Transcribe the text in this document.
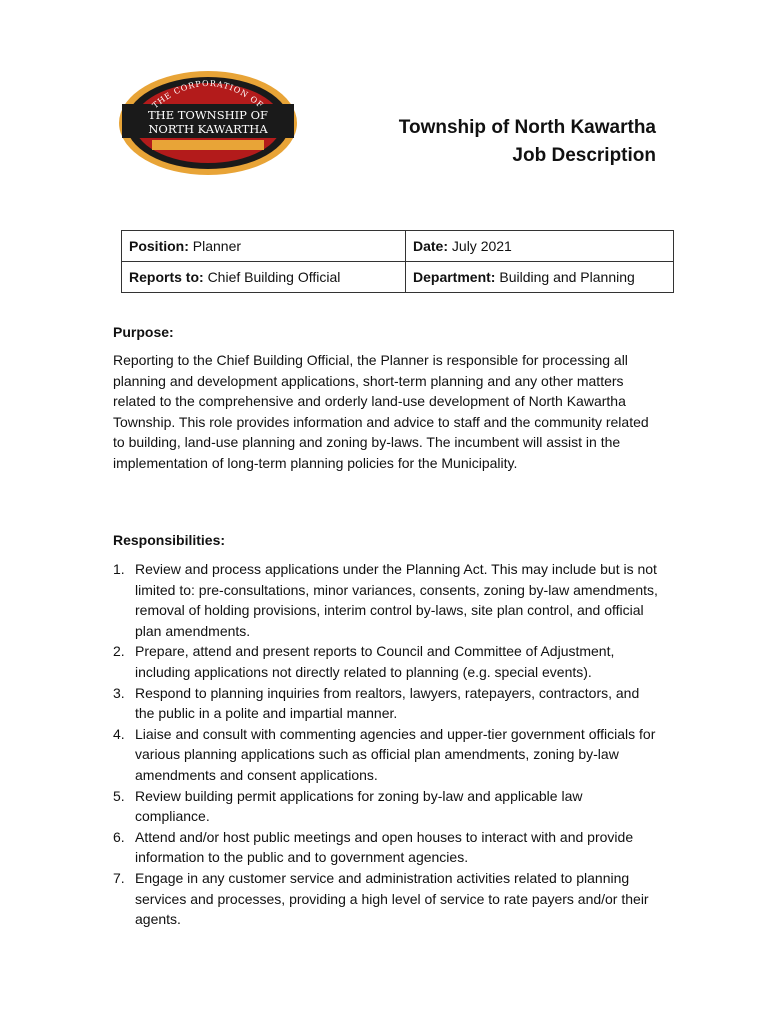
THE CORPORATION OF
THE TOWNSHIP OF
NORTH KAWARTHA	Township of North Kawartha
Job Description
Position: Planner	Date: July 2021
Reports to: Chief Building Official	Department: Building and Planning
Purpose:
Reporting to the Chief Building Official, the Planner is responsible for processing all planning and development applications, short-term planning and any other matters related to the comprehensive and orderly land-use development of North Kawartha Township. This role provides information and advice to staff and the community related to building, land-use planning and zoning by-laws. The incumbent will assist in the implementation of long-term planning policies for the Municipality.
Responsibilities:
1. Review and process applications under the Planning Act. This may include but is not limited to: pre-consultations, minor variances, consents, zoning by-law amendments, removal of holding provisions, interim control by-laws, site plan control, and official plan amendments.
2. Prepare, attend and present reports to Council and Committee of Adjustment, including applications not directly related to planning (e.g. special events).
3. Respond to planning inquiries from realtors, lawyers, ratepayers, contractors, and the public in a polite and impartial manner.
4. Liaise and consult with commenting agencies and upper-tier government officials for various planning applications such as official plan amendments, zoning by-law amendments and consent applications.
5. Review building permit applications for zoning by-law and applicable law compliance.
6. Attend and/or host public meetings and open houses to interact with and provide information to the public and to government agencies.
7. Engage in any customer service and administration activities related to planning services and processes, providing a high level of service to rate payers and/or their agents.
